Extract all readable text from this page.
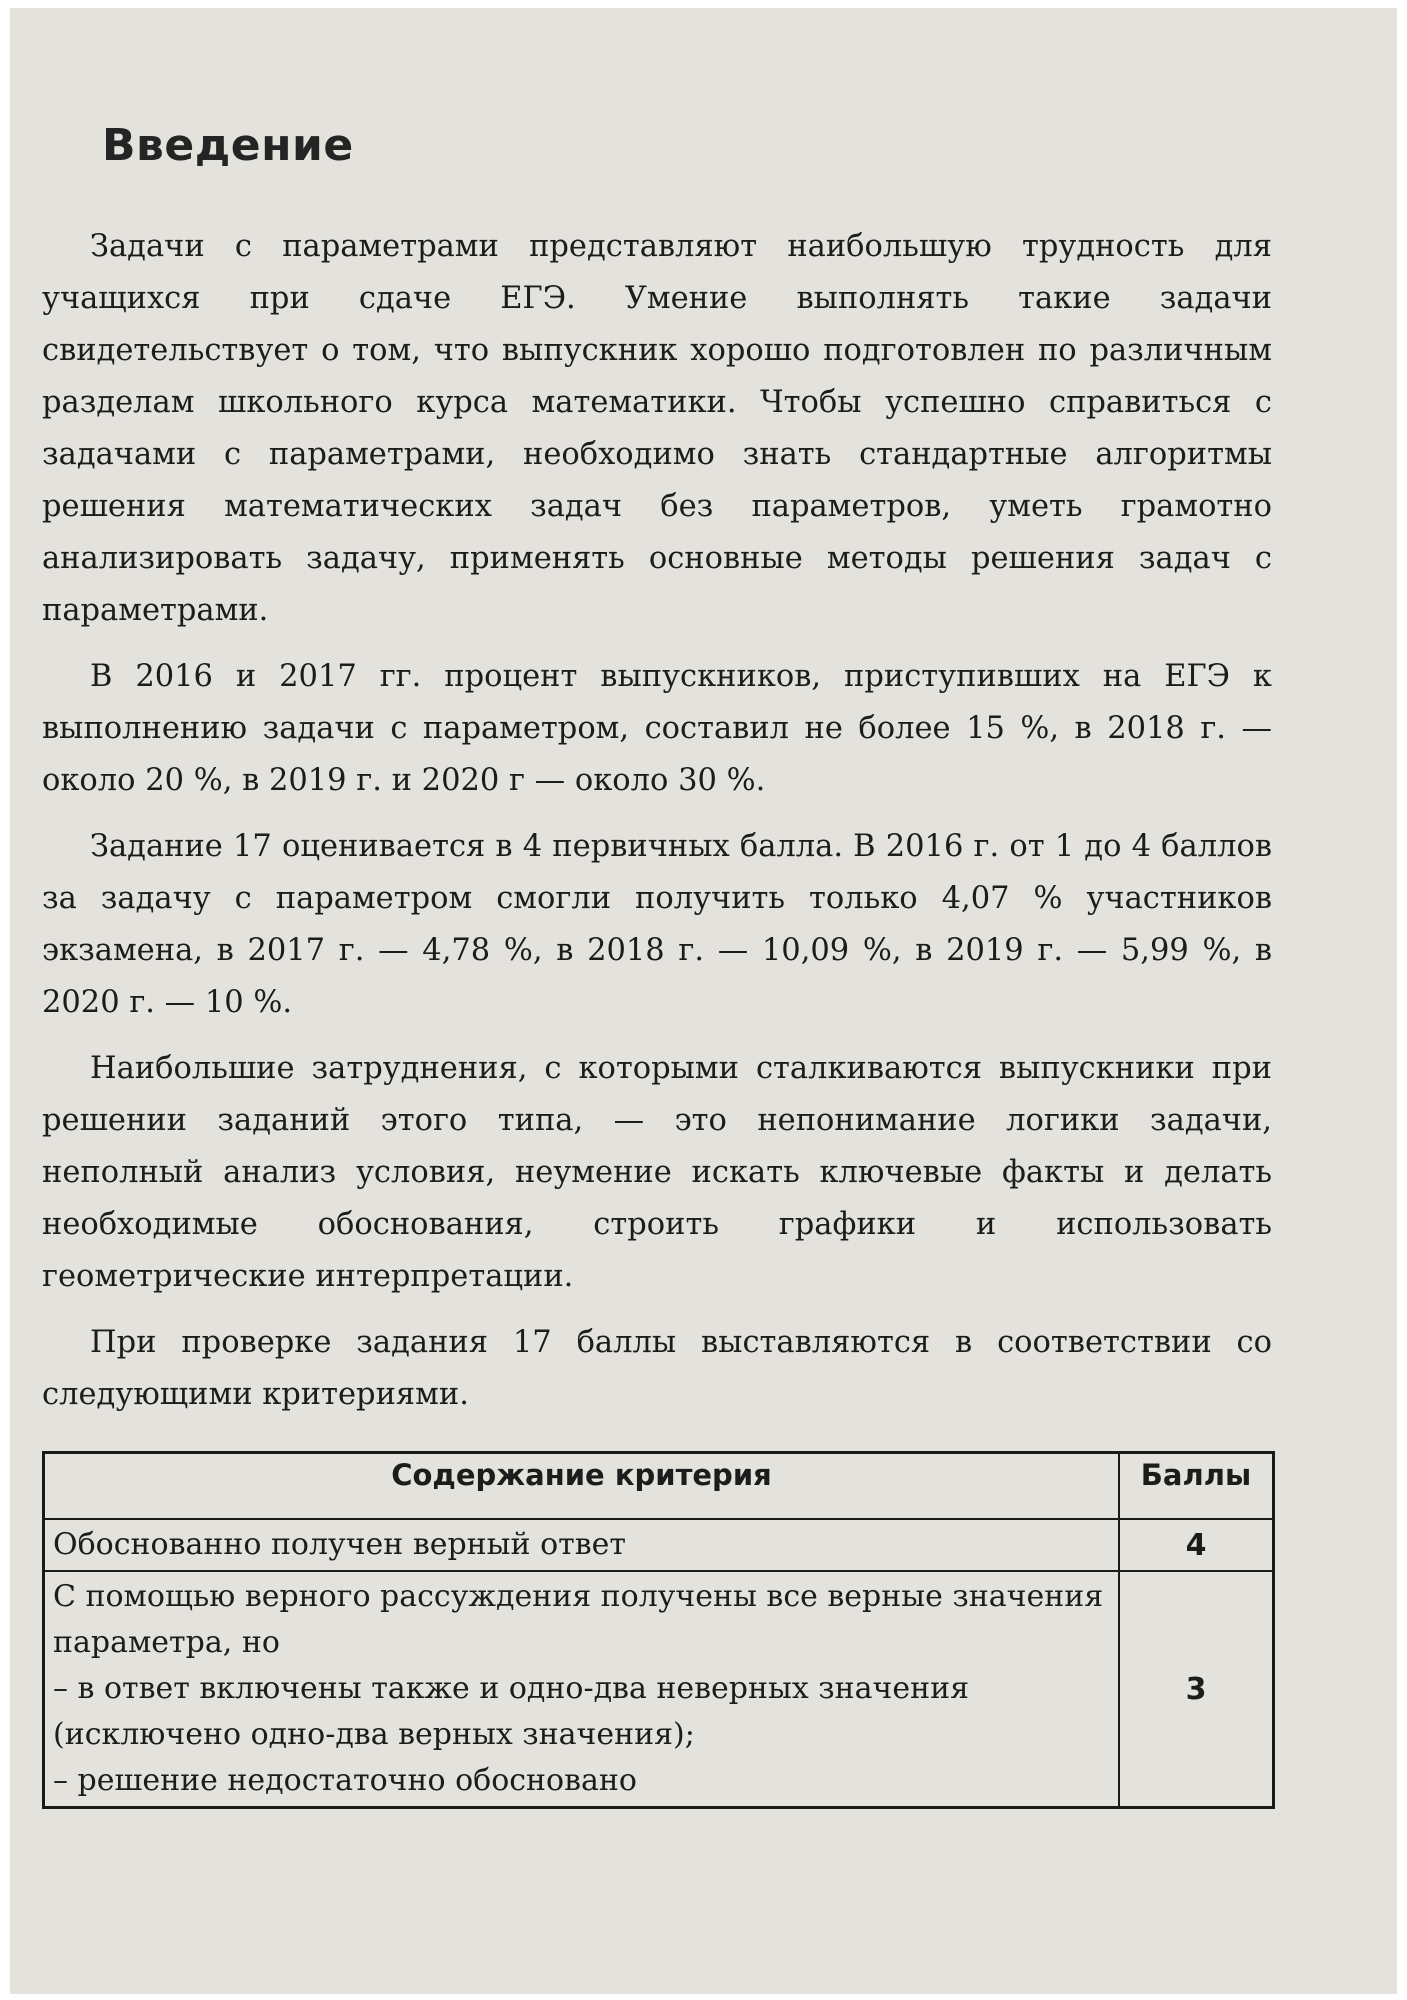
Введение

Задачи с параметрами представляют наибольшую трудность для учащихся при сдаче ЕГЭ. Умение выполнять такие задачи свидетельствует о том, что выпускник хорошо подготовлен по различным разделам школьного курса математики. Чтобы успешно справиться с задачами с параметрами, необходимо знать стандартные алгоритмы решения математических задач без параметров, уметь грамотно анализировать задачу, применять основные методы решения задач с параметрами.

В 2016 и 2017 гг. процент выпускников, приступивших на ЕГЭ к выполнению задачи с параметром, составил не более 15 %, в 2018 г. — около 20 %, в 2019 г. и 2020 г — около 30 %.

Задание 17 оценивается в 4 первичных балла. В 2016 г. от 1 до 4 баллов за задачу с параметром смогли получить только 4,07 % участников экзамена, в 2017 г. — 4,78 %, в 2018 г. — 10,09 %, в 2019 г. — 5,99 %, в 2020 г. — 10 %.

Наибольшие затруднения, с которыми сталкиваются выпускники при решении заданий этого типа, — это непонимание логики задачи, неполный анализ условия, неумение искать ключевые факты и делать необходимые обоснования, строить графики и использовать геометрические интерпретации.

При проверке задания 17 баллы выставляются в соответствии со следующими критериями.

Содержание критерия	Баллы

Обоснованно получен верный ответ	4

С помощью верного рассуждения получены все верные значения параметра, но
– в ответ включены также и одно-два неверных значения (исключено одно-два верных значения);
– решение недостаточно обосновано	3
